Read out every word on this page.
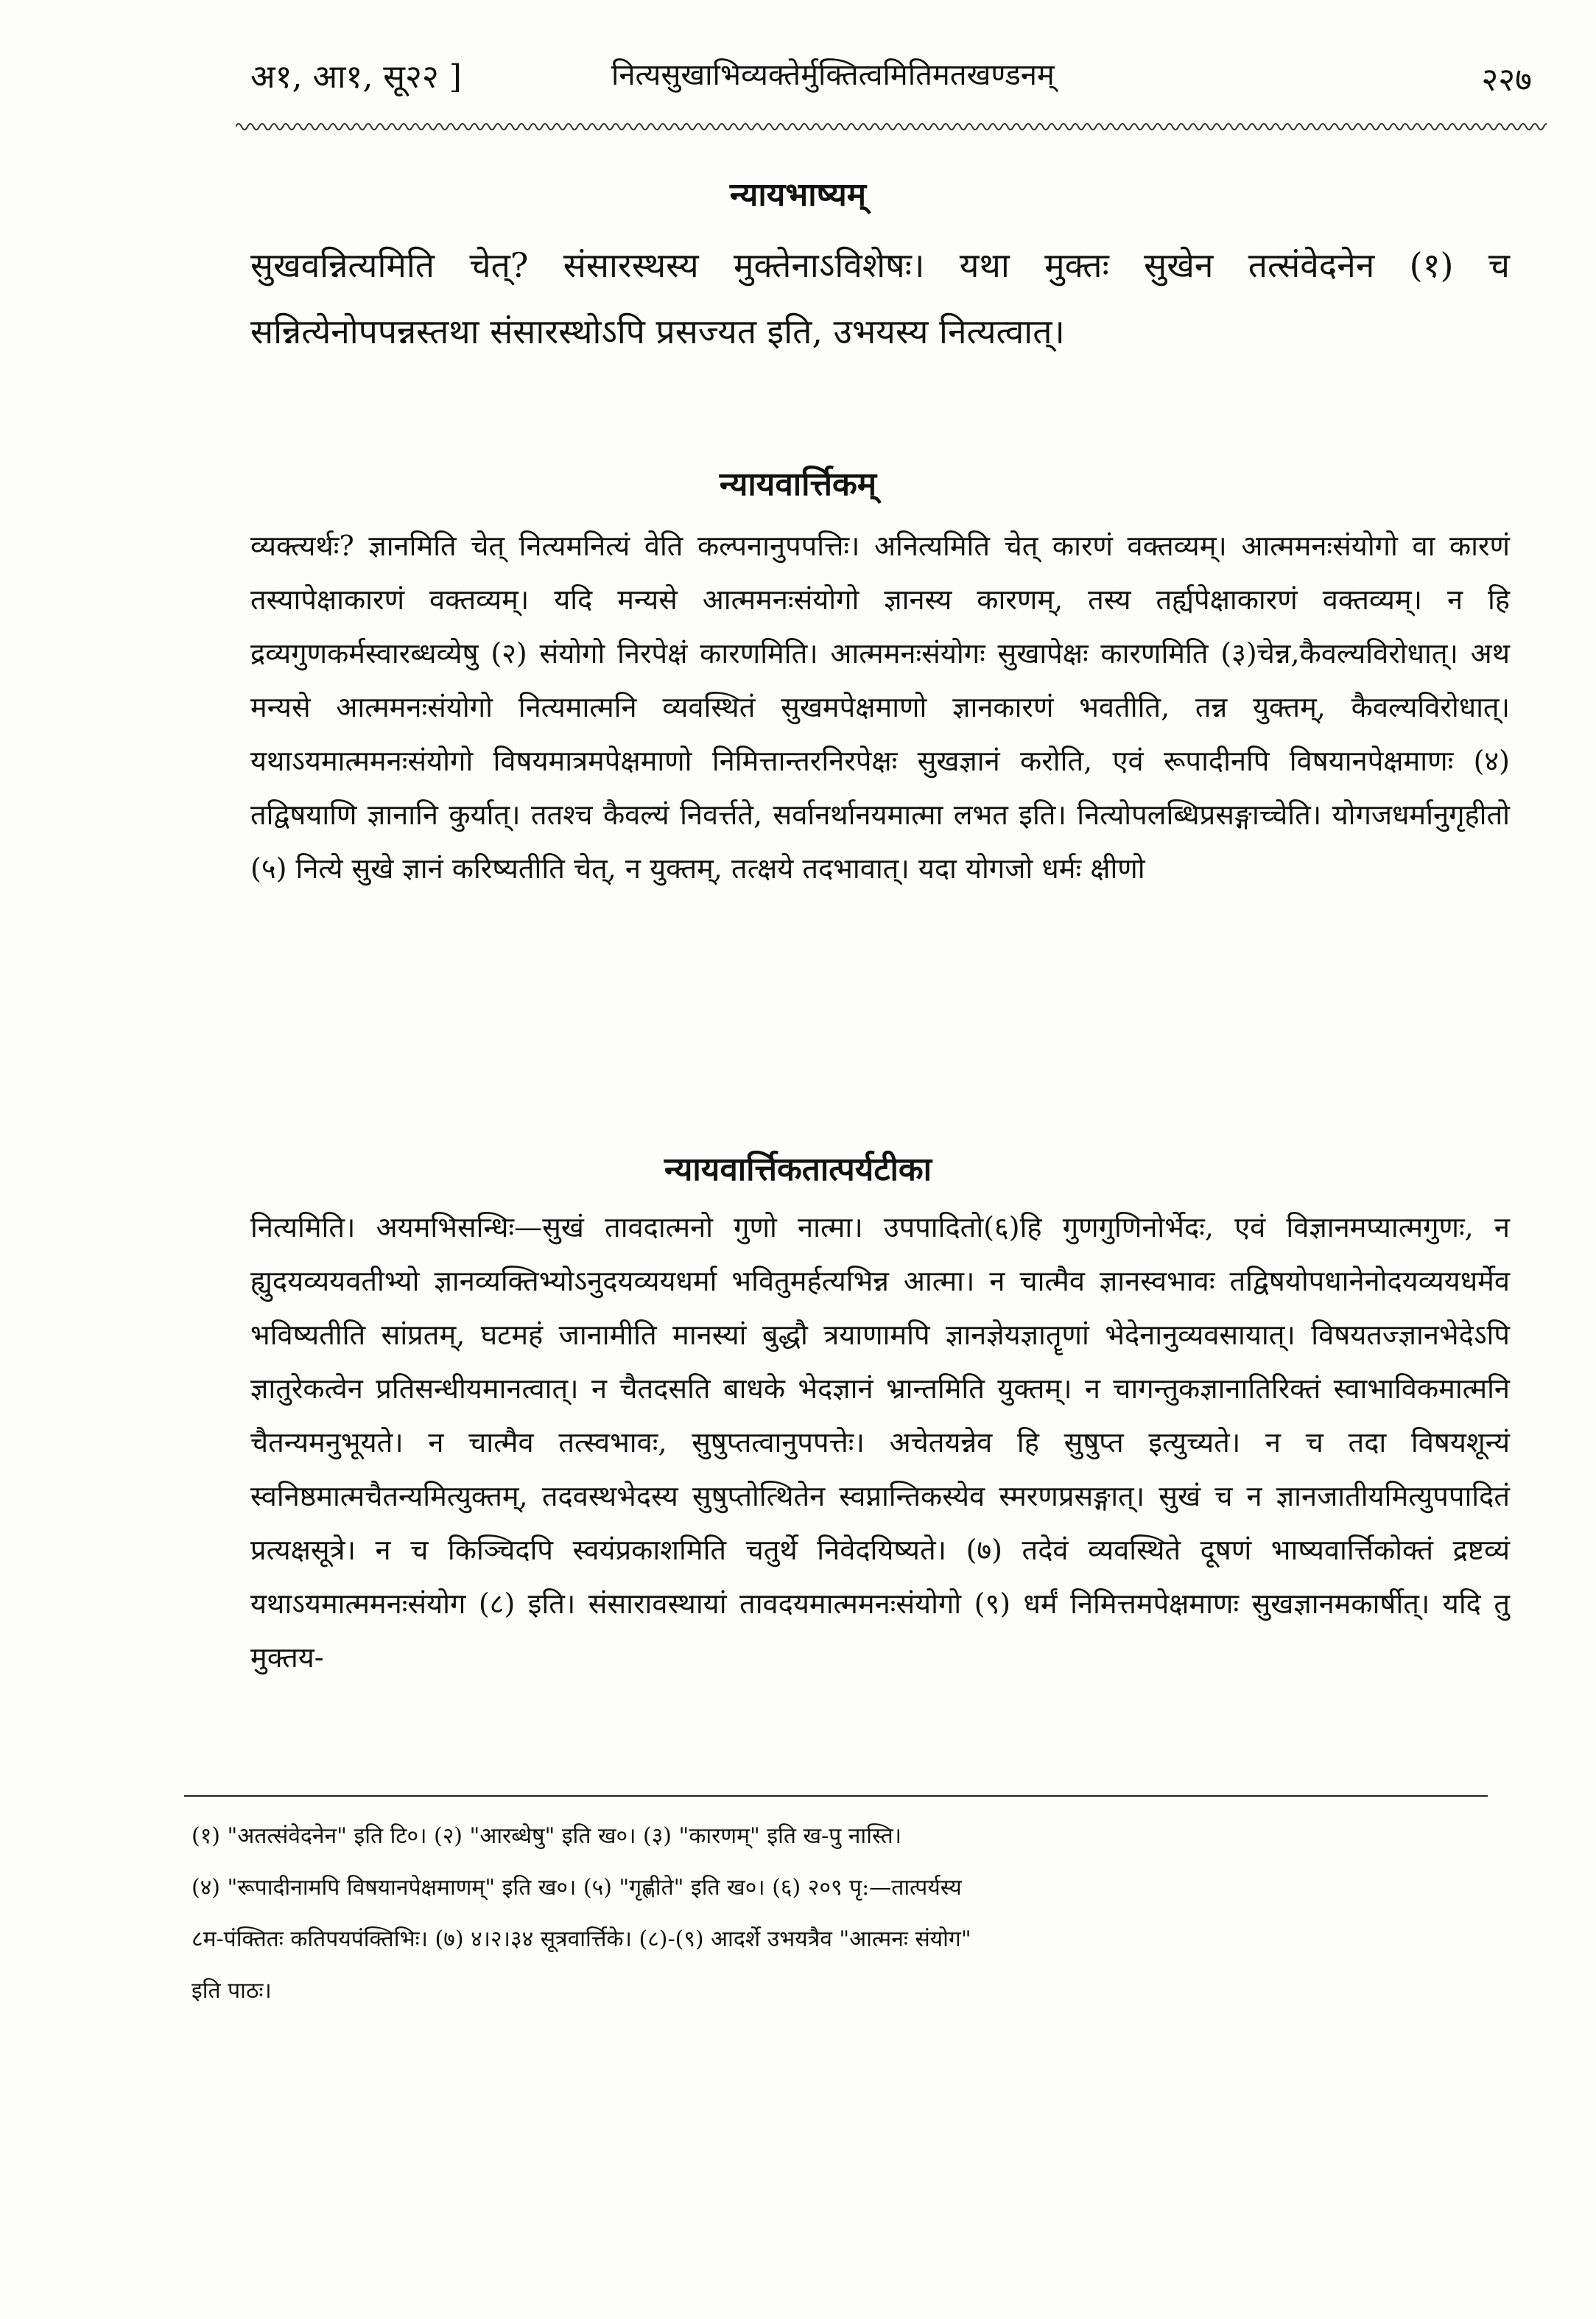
अ१, आ१, सू२२ ]	नित्यसुखाभिव्यक्तेर्मुक्तित्वमितिमतखण्डनम्	२२७
न्यायभाष्यम्
सुखवन्नित्यमिति चेत्? संसारस्थस्य मुक्तेनाऽविशेषः। यथा मुक्तः सुखेन तत्संवेदनेन (१) च सन्नित्येनोपपन्नस्तथा संसारस्थोऽपि प्रसज्यत इति, उभयस्य नित्यत्वात्।
न्यायवार्त्तिकम्
व्यक्त्यर्थः? ज्ञानमिति चेत् नित्यमनित्यं वेति कल्पनानुपपत्तिः। अनित्यमिति चेत् कारणं वक्तव्यम्। आत्ममनःसंयोगो वा कारणं तस्यापेक्षाकारणं वक्तव्यम्। यदि मन्यसे आत्ममनःसंयोगो ज्ञानस्य कारणम्, तस्य तर्ह्यपेक्षाकारणं वक्तव्यम्। न हि द्रव्यगुणकर्मस्वारब्धव्येषु (२) संयोगो निरपेक्षं कारणमिति। आत्ममनःसंयोगः सुखापेक्षः कारणमिति (३)चेन्न,कैवल्यविरोधात्। अथ मन्यसे आत्ममनःसंयोगो नित्यमात्मनि व्यवस्थितं सुखमपेक्षमाणो ज्ञानकारणं भवतीति, तन्न युक्तम्, कैवल्यविरोधात्। यथाऽयमात्ममनःसंयोगो विषयमात्रमपेक्षमाणो निमित्तान्तरनिरपेक्षः सुखज्ञानं करोति, एवं रूपादीनपि विषयानपेक्षमाणः (४) तद्विषयाणि ज्ञानानि कुर्यात्। ततश्च कैवल्यं निवर्त्तते, सर्वानर्थानयमात्मा लभत इति। नित्योपलब्धिप्रसङ्गाच्चेति। योगजधर्मानुगृहीतो (५) नित्ये सुखे ज्ञानं करिष्यतीति चेत्, न युक्तम्, तत्क्षये तदभावात्। यदा योगजो धर्मः क्षीणो
न्यायवार्त्तिकतात्पर्यटीका
नित्यमिति। अयमभिसन्धिः—सुखं तावदात्मनो गुणो नात्मा। उपपादितो(६)हि गुणगुणिनोर्भेदः, एवं विज्ञानमप्यात्मगुणः, न ह्युदयव्ययवतीभ्यो ज्ञानव्यक्तिभ्योऽनुदयव्ययधर्मा भवितुमर्हत्यभिन्न आत्मा। न चात्मैव ज्ञानस्वभावः तद्विषयोपधानेनोदयव्ययधर्मेव भविष्यतीति सांप्रतम्, घटमहं जानामीति मानस्यां बुद्धौ त्रयाणामपि ज्ञानज्ञेयज्ञातॄणां भेदेनानुव्यवसायात्। विषयतज्ज्ञानभेदेऽपि ज्ञातुरेकत्वेन प्रतिसन्धीयमानत्वात्। न चैतदसति बाधके भेदज्ञानं भ्रान्तमिति युक्तम्। न चागन्तुकज्ञानातिरिक्तं स्वाभाविकमात्मनि चैतन्यमनुभूयते। न चात्मैव तत्स्वभावः, सुषुप्तत्वानुपपत्तेः। अचेतयन्नेव हि सुषुप्त इत्युच्यते। न च तदा विषयशून्यं स्वनिष्ठमात्मचैतन्यमित्युक्तम्, तदवस्थभेदस्य सुषुप्तोत्थितेन स्वप्नान्तिकस्येव स्मरणप्रसङ्गात्। सुखं च न ज्ञानजातीयमित्युपपादितं प्रत्यक्षसूत्रे। न च किञ्चिदपि स्वयंप्रकाशमिति चतुर्थे निवेदयिष्यते। (७) तदेवं व्यवस्थिते दूषणं भाष्यवार्त्तिकोक्तं द्रष्टव्यं यथाऽयमात्ममनःसंयोग (८) इति। संसारावस्थायां तावदयमात्ममनःसंयोगो (९) धर्मं निमित्तमपेक्षमाणः सुखज्ञानमकार्षीत्। यदि तु मुक्तय-
(१) "अतत्संवेदनेन" इति टि०। (२) "आरब्धेषु" इति ख०। (३) "कारणम्" इति ख-पु नास्ति।
(४) "रूपादीनामपि विषयानपेक्षमाणम्" इति ख०। (५) "गृह्णीते" इति ख०। (६) २०९ पृ:—तात्पर्यस्य
८म-पंक्तितः कतिपयपंक्तिभिः। (७) ४।२।३४ सूत्रवार्त्तिके। (८)-(९) आदर्शे उभयत्रैव "आत्मनः संयोग"
इति पाठः।
